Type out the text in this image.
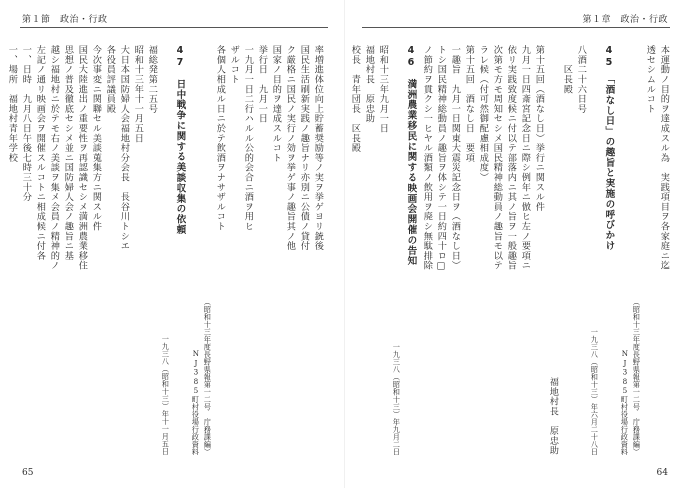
第１節　政治・行政
率増進体位向上貯蓄奨励等ノ実ヲ挙ゲヨリ銃後
国民生活刷新実践ノ趣旨ナリ亦別ニ公債ノ貸付
ク厳格ニ国民ノ実行ノ効ヲ挙ゲ事ノ趣旨其ノ他
国家ノ目的ヲ達成スルコト
挙行日　九月一日
一九月一日二行ハルル公的会合ニ酒ヲ用ヒ
ザルコト
各個人相成ル日ニ於テ飲酒ヲナサザルコト
（昭和十三年度長野県報第一二号　庁務課編）
NJ385町村役場行政資料
47　日中戦争に関する美談収集の依頼
一九三八（昭和十三）年十一月五日
福総発第二五号
昭和十三年十一月五日
大日本国防婦人会福地村分会長　長谷川トシエ
各役員評議員殿
今次事変ニ関聯セル美談蒐集方ニ関スル件
国民大陸進出ノ重要性ヲ再認識セシメ満洲農業移住
思想ノ普及徹底セシメ並ニ国防婦人会ノ趣旨ニ基
越シ福地村ニ於テモ右ノ美談ヲ集メ会員ノ精神的ノ
左記ノ通リ映画会ヲ開催スルコトニ相成候ニ付各
一、日時　九月八日午後七時三十分
一、場所　福地村青年学校
65
第１章　政治・行政
本運動ノ目的ヲ達成スル為　実践項目ヲ各家庭ニ迄
透セシムルコト
（昭和十三年度長野県報第一二号　庁務課編）
NJ385町村役場行政資料
45　「酒なし日」の趣旨と実施の呼びかけ
一九三八（昭和十三）年六月二十八日
八酒二十六日号
　　区長殿
福地村長　原忠助
第十五回（酒なし日）挙行ニ関スル件
九月一日四斎宮記念日ニ際シ例年ニ倣ヒ左ノ要項ニ
依リ実践致度候ニ付以テ部落内ニ其ノ旨ヲ一般趣旨
次第モ方モ周知セシメ国民精神総動員ノ趣旨モ以テ
ラレ候（付可然御配慮相成度）
第十五回　酒なし日　要項
一趣旨　九月一日関東大震災記念日ヲ（酒なし日）
トシ国民精神総動員ノ趣旨ヲ体シテ一日約四十ロ□
ノ節約ヲ貫クシ一ヒヤル酒類ノ飲用ヲ廃シ無駄排除
46　満洲農業移民に関する映画会開催の告知
一九三八（昭和十三）年九月二日
昭和十三年九月一日
福地村長　原忠助
校長　青年団長　区長殿
64
